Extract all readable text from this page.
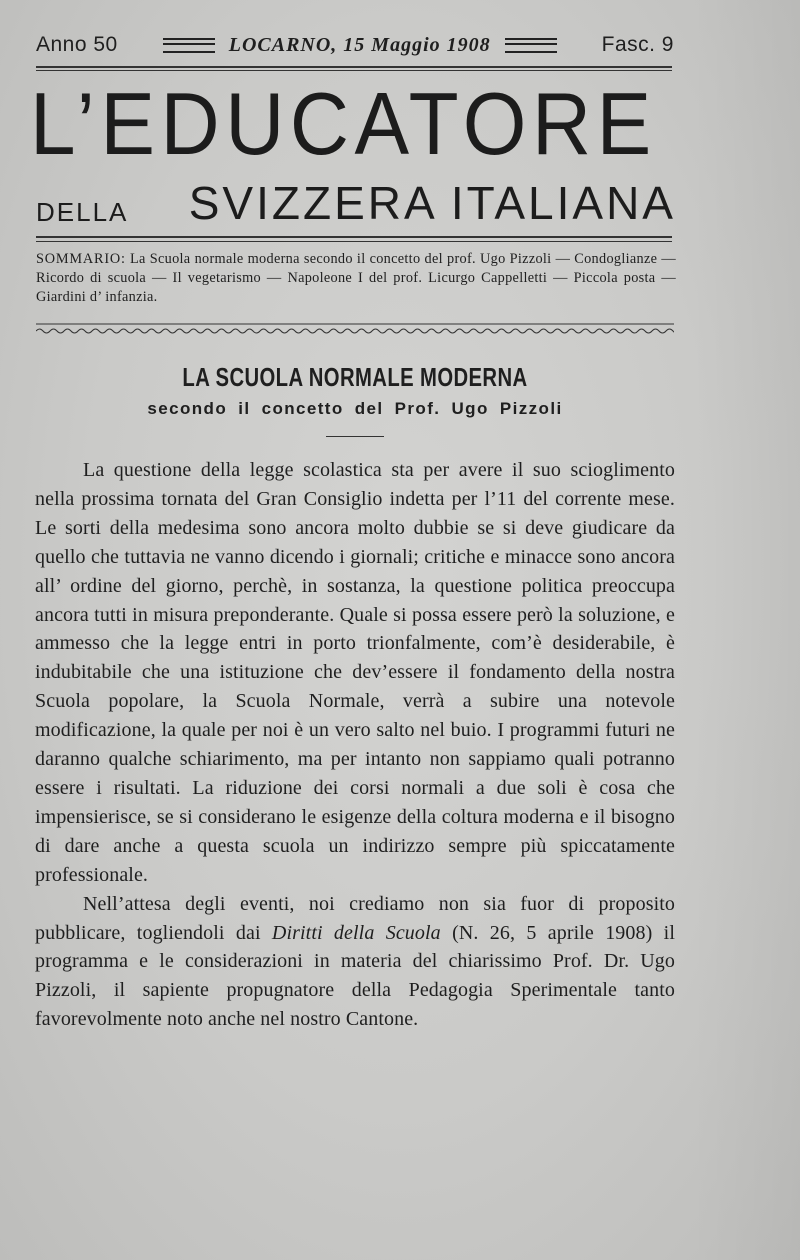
Anno 50	LOCARNO, 15 Maggio 1908	Fasc. 9
L’EDUCATORE
DELLA SVIZZERA ITALIANA
SOMMARIO: La Scuola normale moderna secondo il concetto del prof. Ugo Pizzoli — Condoglianze — Ricordo di scuola — Il vegetarismo — Napoleone I del prof. Licurgo Cappelletti — Piccola posta — Giardini d’ infanzia.
LA SCUOLA NORMALE MODERNA
secondo il concetto del Prof. Ugo Pizzoli

La questione della legge scolastica sta per avere il suo scioglimento nella prossima tornata del Gran Consiglio indetta per l’11 del corrente mese. Le sorti della medesima sono ancora molto dubbie se si deve giudicare da quello che tuttavia ne vanno dicendo i giornali; critiche e minacce sono ancora all’ ordine del giorno, perchè, in sostanza, la questione politica preoccupa ancora tutti in misura preponderante. Quale si possa essere però la soluzione, e ammesso che la legge entri in porto trionfalmente, com’è desiderabile, è indubitabile che una istituzione che dev’essere il fondamento della nostra Scuola popolare, la Scuola Normale, verrà a subire una notevole modificazione, la quale per noi è un vero salto nel buio. I programmi futuri ne daranno qualche schiarimento, ma per intanto non sappiamo quali potranno essere i risultati. La riduzione dei corsi normali a due soli è cosa che impensierisce, se si considerano le esigenze della coltura moderna e il bisogno di dare anche a questa scuola un indirizzo sempre più spiccatamente professionale.

Nell’attesa degli eventi, noi crediamo non sia fuor di proposito pubblicare, togliendoli dai Diritti della Scuola (N. 26, 5 aprile 1908) il programma e le considerazioni in materia del chiarissimo Prof. Dr. Ugo Pizzoli, il sapiente propugnatore della Pedagogia Sperimentale tanto favorevolmente noto anche nel nostro Cantone.
